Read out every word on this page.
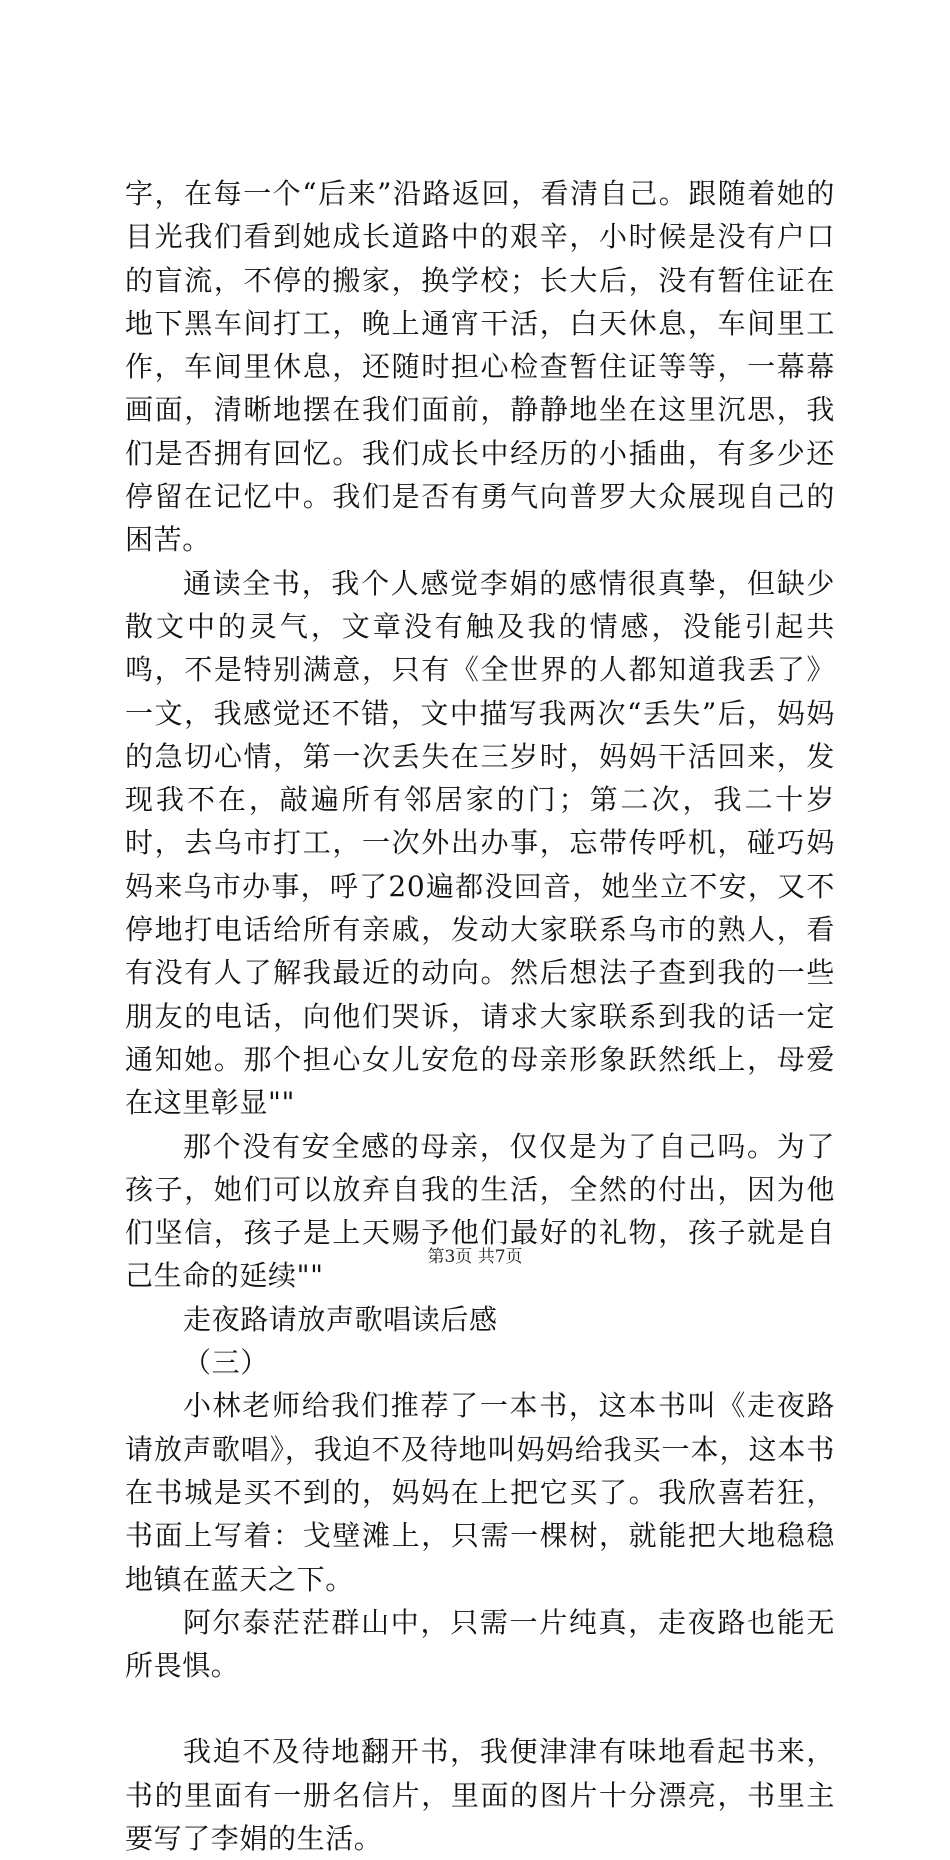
字，在每一个“后来”沿路返回，看清自己。跟随着她的目光我们看到她成长道路中的艰辛，小时候是没有户口的盲流，不停的搬家，换学校；长大后，没有暂住证在地下黑车间打工，晚上通宵干活，白天休息，车间里工作，车间里休息，还随时担心检查暂住证等等，一幕幕画面，清晰地摆在我们面前，静静地坐在这里沉思，我们是否拥有回忆。我们成长中经历的小插曲，有多少还停留在记忆中。我们是否有勇气向普罗大众展现自己的困苦。

通读全书，我个人感觉李娟的感情很真挚，但缺少散文中的灵气，文章没有触及我的情感，没能引起共鸣，不是特别满意，只有《全世界的人都知道我丢了》一文，我感觉还不错，文中描写我两次“丢失”后，妈妈的急切心情，第一次丢失在三岁时，妈妈干活回来，发现我不在，敲遍所有邻居家的门；第二次，我二十岁时，去乌市打工，一次外出办事，忘带传呼机，碰巧妈妈来乌市办事，呼了20遍都没回音，她坐立不安，又不停地打电话给所有亲戚，发动大家联系乌市的熟人，看有没有人了解我最近的动向。然后想法子查到我的一些朋友的电话，向他们哭诉，请求大家联系到我的话一定通知她。那个担心女儿安危的母亲形象跃然纸上，母爱在这里彰显""

那个没有安全感的母亲，仅仅是为了自己吗。为了孩子，她们可以放弃自我的生活，全然的付出，因为他们坚信，孩子是上天赐予他们最好的礼物，孩子就是自己生命的延续""

走夜路请放声歌唱读后感

（三）

小林老师给我们推荐了一本书，这本书叫《走夜路请放声歌唱》，我迫不及待地叫妈妈给我买一本，这本书在书城是买不到的，妈妈在上把它买了。我欣喜若狂，书面上写着：戈壁滩上，只需一棵树，就能把大地稳稳地镇在蓝天之下。

阿尔泰茫茫群山中，只需一片纯真，走夜路也能无所畏惧。

我迫不及待地翻开书，我便津津有味地看起书来，书的里面有一册名信片，里面的图片十分漂亮，书里主要写了李娟的生活。

第3页 共7页
